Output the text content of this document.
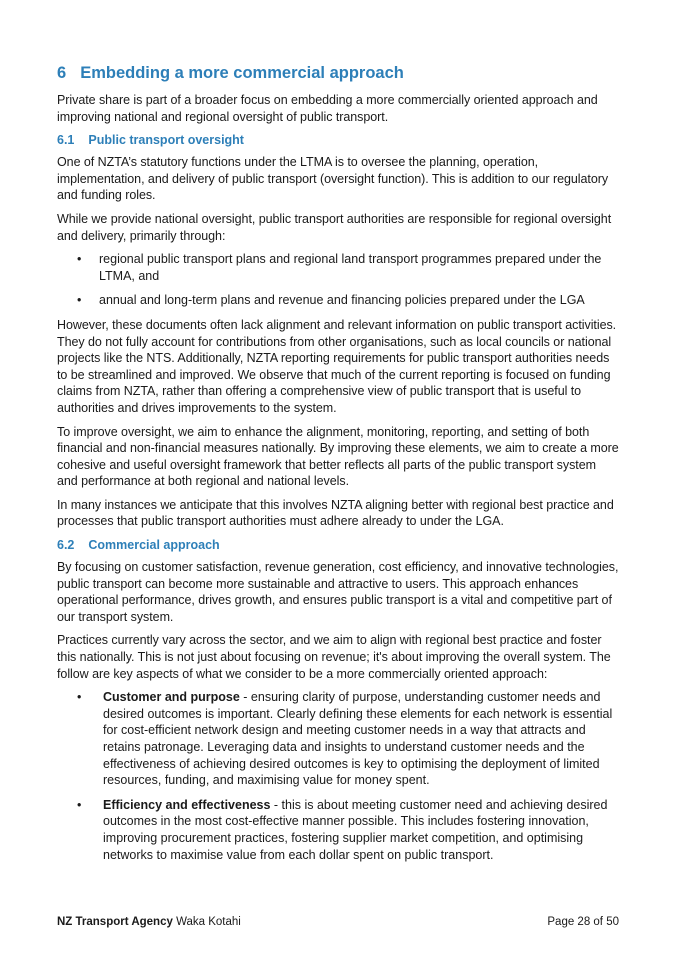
6 Embedding a more commercial approach

Private share is part of a broader focus on embedding a more commercially oriented approach and improving national and regional oversight of public transport.

6.1 Public transport oversight

One of NZTA’s statutory functions under the LTMA is to oversee the planning, operation, implementation, and delivery of public transport (oversight function). This is addition to our regulatory and funding roles.

While we provide national oversight, public transport authorities are responsible for regional oversight and delivery, primarily through:

• regional public transport plans and regional land transport programmes prepared under the LTMA, and
• annual and long-term plans and revenue and financing policies prepared under the LGA

However, these documents often lack alignment and relevant information on public transport activities. They do not fully account for contributions from other organisations, such as local councils or national projects like the NTS. Additionally, NZTA reporting requirements for public transport authorities needs to be streamlined and improved. We observe that much of the current reporting is focused on funding claims from NZTA, rather than offering a comprehensive view of public transport that is useful to authorities and drives improvements to the system.

To improve oversight, we aim to enhance the alignment, monitoring, reporting, and setting of both financial and non-financial measures nationally. By improving these elements, we aim to create a more cohesive and useful oversight framework that better reflects all parts of the public transport system and performance at both regional and national levels.

In many instances we anticipate that this involves NZTA aligning better with regional best practice and processes that public transport authorities must adhere already to under the LGA.

6.2 Commercial approach

By focusing on customer satisfaction, revenue generation, cost efficiency, and innovative technologies, public transport can become more sustainable and attractive to users. This approach enhances operational performance, drives growth, and ensures public transport is a vital and competitive part of our transport system.

Practices currently vary across the sector, and we aim to align with regional best practice and foster this nationally. This is not just about focusing on revenue; it's about improving the overall system. The follow are key aspects of what we consider to be a more commercially oriented approach:

• Customer and purpose - ensuring clarity of purpose, understanding customer needs and desired outcomes is important. Clearly defining these elements for each network is essential for cost-efficient network design and meeting customer needs in a way that attracts and retains patronage. Leveraging data and insights to understand customer needs and the effectiveness of achieving desired outcomes is key to optimising the deployment of limited resources, funding, and maximising value for money spent.
• Efficiency and effectiveness - this is about meeting customer need and achieving desired outcomes in the most cost-effective manner possible. This includes fostering innovation, improving procurement practices, fostering supplier market competition, and optimising networks to maximise value from each dollar spent on public transport.
NZ Transport Agency Waka Kotahi	Page 28 of 50
